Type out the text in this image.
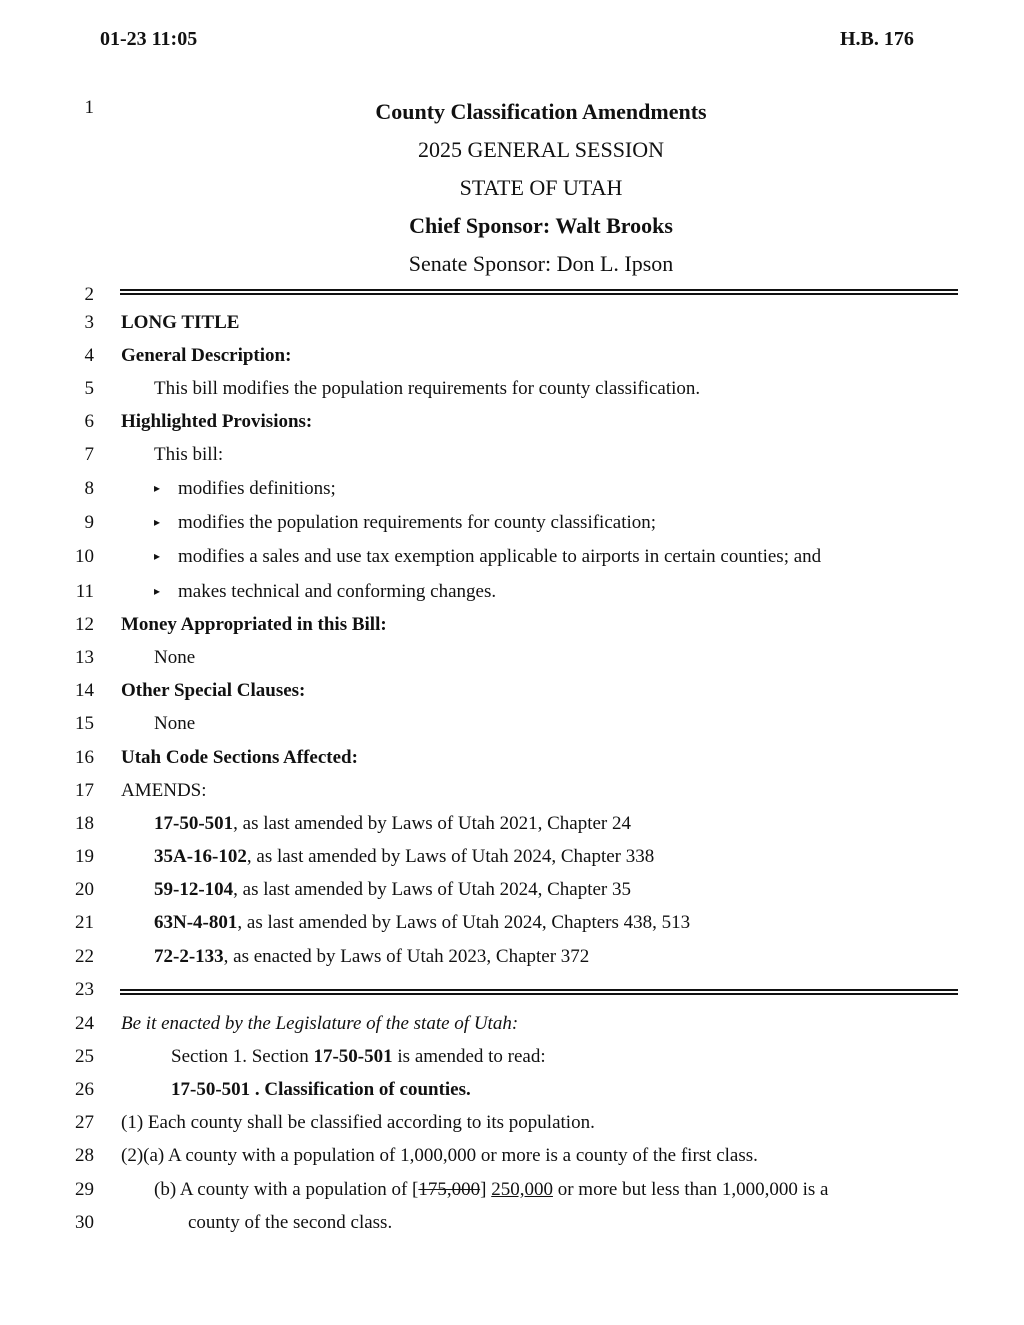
01-23 11:05	H.B. 176
1
2
3
4
5
6
7
8
9
10
11
12
13
14
15
16
17
18
19
20
21
22
23
24
25
26
27
28
29
30
County Classification Amendments
2025 GENERAL SESSION
STATE OF UTAH
Chief Sponsor: Walt Brooks
Senate Sponsor: Don L. Ipson
LONG TITLE
General Description:
This bill modifies the population requirements for county classification.
Highlighted Provisions:
This bill:
▸ modifies definitions;
▸ modifies the population requirements for county classification;
▸ modifies a sales and use tax exemption applicable to airports in certain counties; and
▸ makes technical and conforming changes.
Money Appropriated in this Bill:
None
Other Special Clauses:
None
Utah Code Sections Affected:
AMENDS:
17-50-501, as last amended by Laws of Utah 2021, Chapter 24
35A-16-102, as last amended by Laws of Utah 2024, Chapter 338
59-12-104, as last amended by Laws of Utah 2024, Chapter 35
63N-4-801, as last amended by Laws of Utah 2024, Chapters 438, 513
72-2-133, as enacted by Laws of Utah 2023, Chapter 372
Be it enacted by the Legislature of the state of Utah:
Section 1. Section 17-50-501 is amended to read:
17-50-501 . Classification of counties.
(1) Each county shall be classified according to its population.
(2)(a) A county with a population of 1,000,000 or more is a county of the first class.
(b) A county with a population of [175,000] 250,000 or more but less than 1,000,000 is a
county of the second class.
